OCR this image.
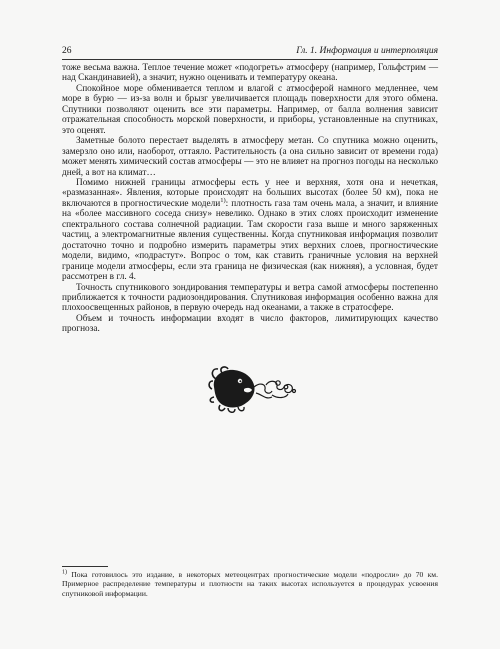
26	Гл. 1. Информация и интерполяция

тоже весьма важна. Теплое течение может «подогреть» атмосферу (например, Гольфстрим — над Скандинавией), а значит, нужно оценивать и температуру океана.

Спокойное море обменивается теплом и влагой с атмосферой намного медленнее, чем море в бурю — из-за волн и брызг увеличивается площадь поверхности для этого обмена. Спутники позволяют оценить все эти параметры. Например, от балла волнения зависит отражательная способность морской поверхности, и приборы, установленные на спутниках, это оценят.

Заметные болото перестает выделять в атмосферу метан. Со спутника можно оценить, замерзло оно или, наоборот, оттаяло. Растительность (а она сильно зависит от времени года) может менять химический состав атмосферы — это не влияет на прогноз погоды на несколько дней, а вот на климат…

Помимо нижней границы атмосферы есть у нее и верхняя, хотя она и нечеткая, «размазанная». Явления, которые происходят на больших высотах (более 50 км), пока не включаются в прогностические модели$^{1)}$: плотность газа там очень мала, а значит, и влияние на «более массивного соседа снизу» невелико. Однако в этих слоях происходит изменение спектрального состава солнечной радиации. Там скорости газа выше и много заряженных частиц, а электромагнитные явления существенны. Когда спутниковая информация позволит достаточно точно и подробно измерить параметры этих верхних слоев, прогностические модели, видимо, «подрастут». Вопрос о том, как ставить граничные условия на верхней границе модели атмосферы, если эта граница не физическая (как нижняя), а условная, будет рассмотрен в гл. 4.

Точность спутникового зондирования температуры и ветра самой атмосферы постепенно приближается к точности радиозондирования. Спутниковая информация особенно важна для плохоосвещенных районов, в первую очередь над океанами, а также в стратосфере.

Объем и точность информации входят в число факторов, лимитирующих качество прогноза.

$^{1)}$ Пока готовилось это издание, в некоторых метеоцентрах прогностические модели «подросли» до 70 км. Примерное распределение температуры и плотности на таких высотах используется в процедурах усвоения спутниковой информации.
